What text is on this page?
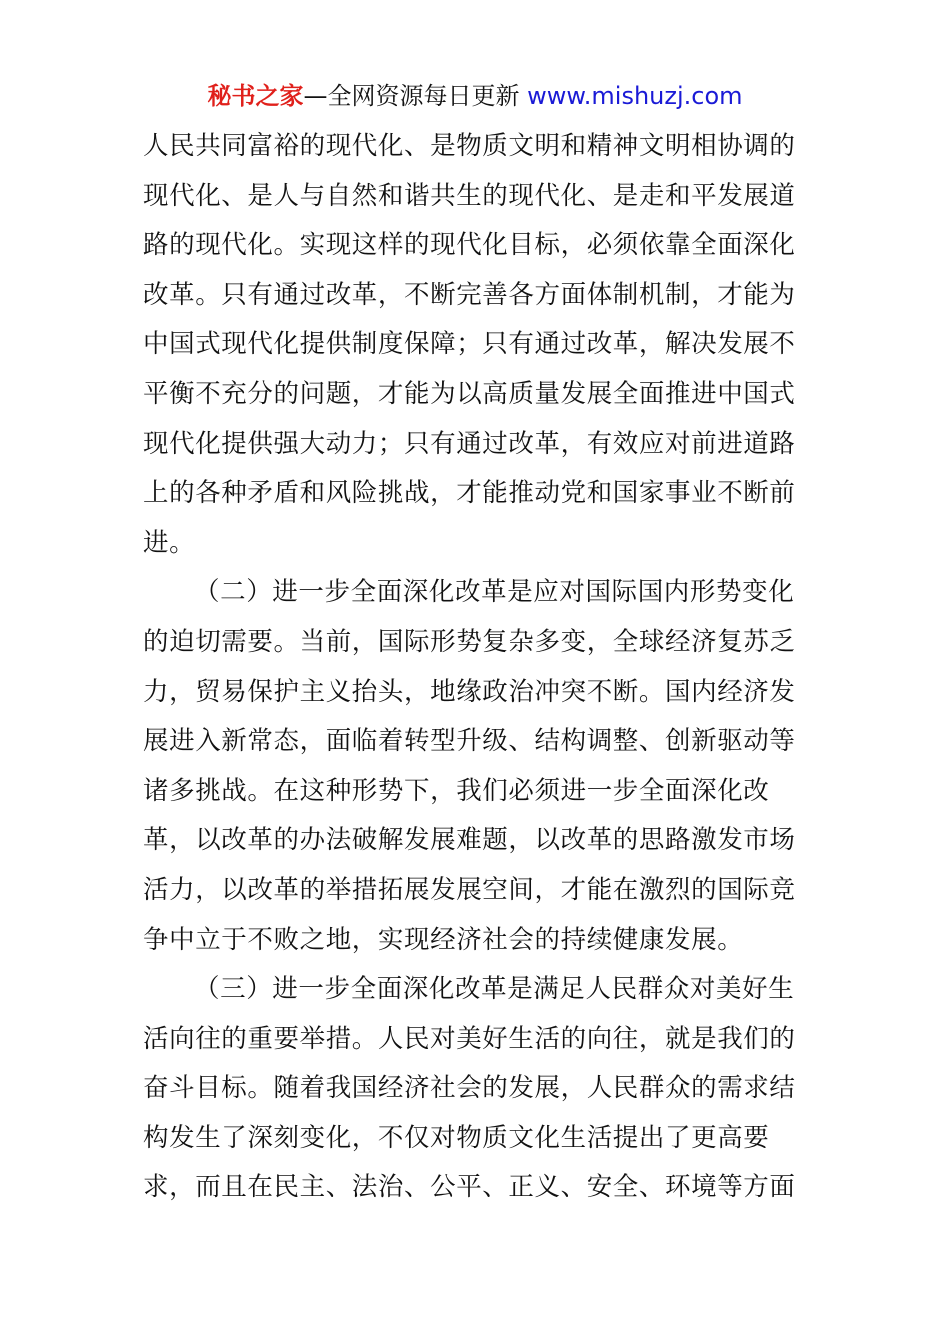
秘书之家—全网资源每日更新 www.mishuzj.com
人民共同富裕的现代化、是物质文明和精神文明相协调的
现代化、是人与自然和谐共生的现代化、是走和平发展道
路的现代化。实现这样的现代化目标，必须依靠全面深化
改革。只有通过改革，不断完善各方面体制机制，才能为
中国式现代化提供制度保障；只有通过改革，解决发展不
平衡不充分的问题，才能为以高质量发展全面推进中国式
现代化提供强大动力；只有通过改革，有效应对前进道路
上的各种矛盾和风险挑战，才能推动党和国家事业不断前
进。
（二）进一步全面深化改革是应对国际国内形势变化
的迫切需要。当前，国际形势复杂多变，全球经济复苏乏
力，贸易保护主义抬头，地缘政治冲突不断。国内经济发
展进入新常态，面临着转型升级、结构调整、创新驱动等
诸多挑战。在这种形势下，我们必须进一步全面深化改
革，以改革的办法破解发展难题，以改革的思路激发市场
活力，以改革的举措拓展发展空间，才能在激烈的国际竞
争中立于不败之地，实现经济社会的持续健康发展。
（三）进一步全面深化改革是满足人民群众对美好生
活向往的重要举措。人民对美好生活的向往，就是我们的
奋斗目标。随着我国经济社会的发展，人民群众的需求结
构发生了深刻变化，不仅对物质文化生活提出了更高要
求，而且在民主、法治、公平、正义、安全、环境等方面
